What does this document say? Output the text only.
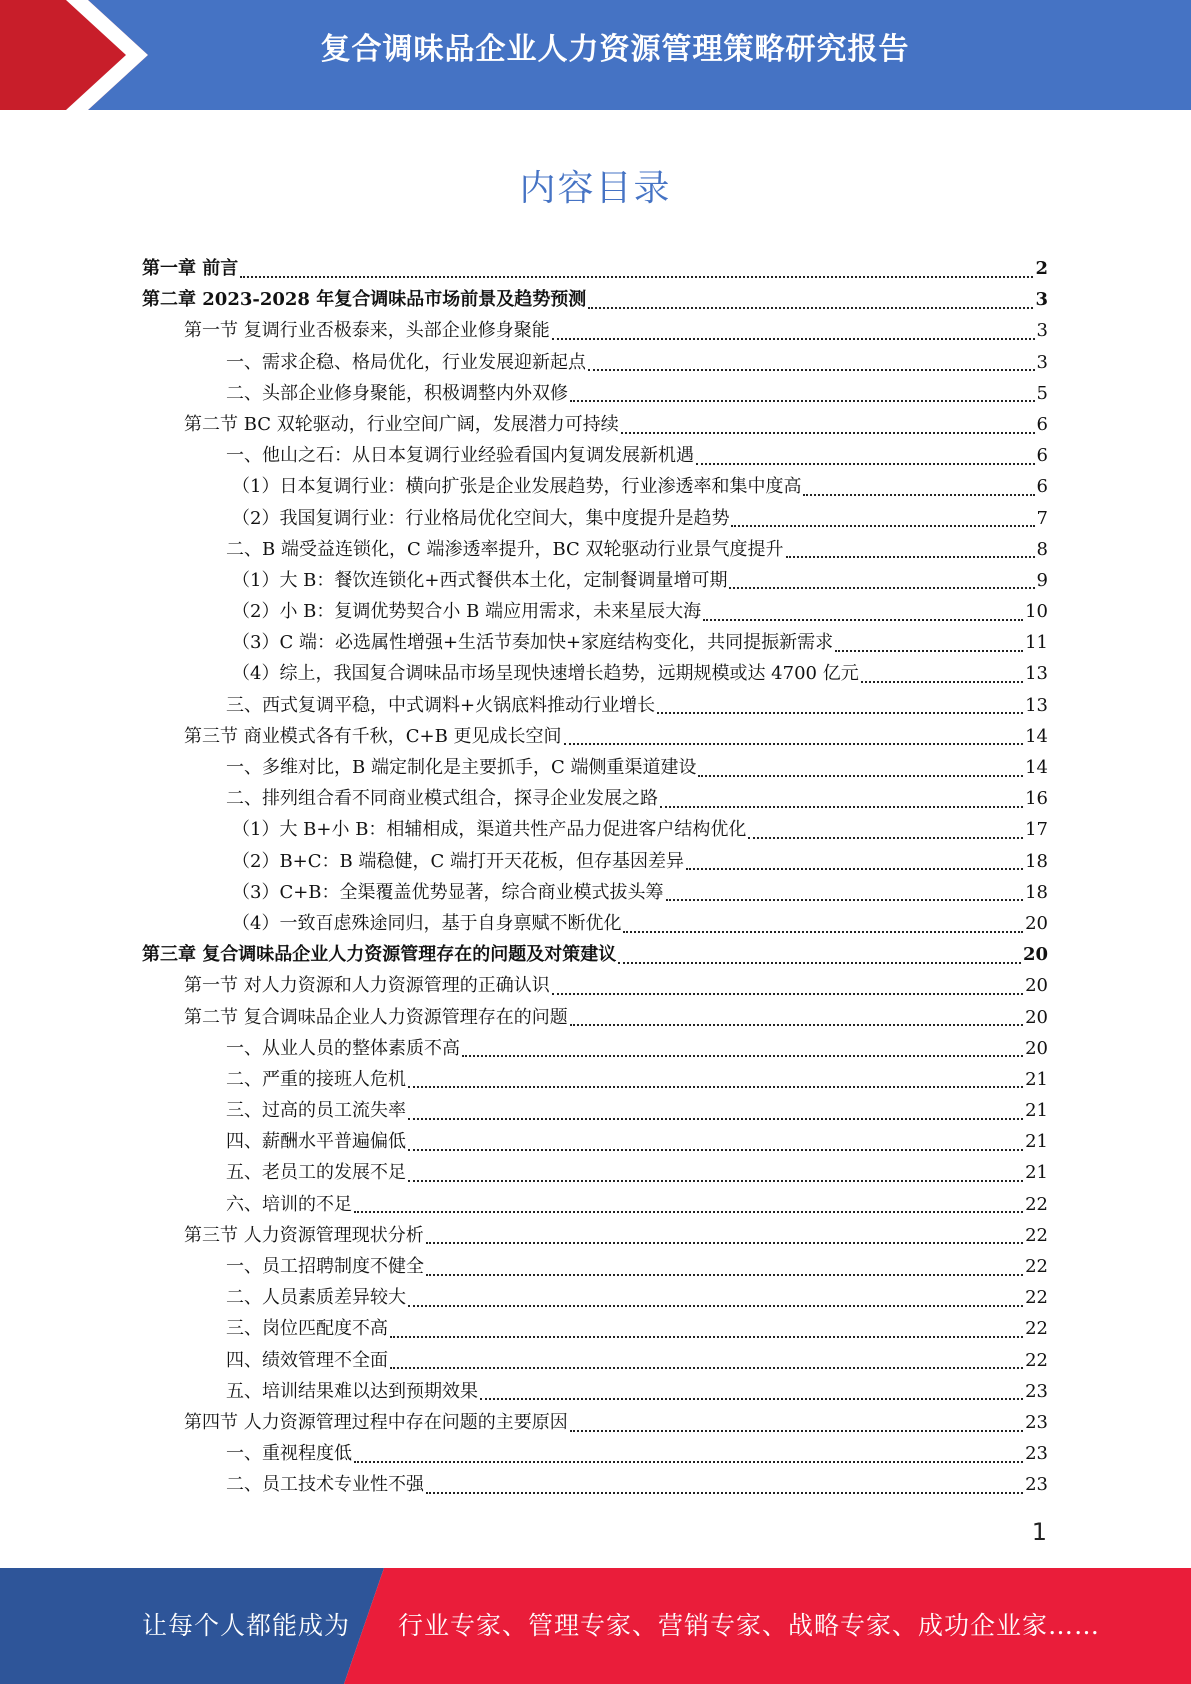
复合调味品企业人力资源管理策略研究报告
内容目录
第一章 前言	2
第二章 2023-2028 年复合调味品市场前景及趋势预测	3
第一节 复调行业否极泰来，头部企业修身聚能	3
一、需求企稳、格局优化，行业发展迎新起点	3
二、头部企业修身聚能，积极调整内外双修	5
第二节 BC 双轮驱动，行业空间广阔，发展潜力可持续	6
一、他山之石：从日本复调行业经验看国内复调发展新机遇	6
（1）日本复调行业：横向扩张是企业发展趋势，行业渗透率和集中度高	6
（2）我国复调行业：行业格局优化空间大，集中度提升是趋势	7
二、B 端受益连锁化，C 端渗透率提升，BC 双轮驱动行业景气度提升	8
（1）大 B：餐饮连锁化+西式餐供本土化，定制餐调量增可期	9
（2）小 B：复调优势契合小 B 端应用需求，未来星辰大海	10
（3）C 端：必选属性增强+生活节奏加快+家庭结构变化，共同提振新需求	11
（4）综上，我国复合调味品市场呈现快速增长趋势，远期规模或达 4700 亿元	13
三、西式复调平稳，中式调料+火锅底料推动行业增长	13
第三节 商业模式各有千秋，C+B 更见成长空间	14
一、多维对比，B 端定制化是主要抓手，C 端侧重渠道建设	14
二、排列组合看不同商业模式组合，探寻企业发展之路	16
（1）大 B+小 B：相辅相成，渠道共性产品力促进客户结构优化	17
（2）B+C：B 端稳健，C 端打开天花板，但存基因差异	18
（3）C+B：全渠覆盖优势显著，综合商业模式拔头筹	18
（4）一致百虑殊途同归，基于自身禀赋不断优化	20
第三章 复合调味品企业人力资源管理存在的问题及对策建议	20
第一节 对人力资源和人力资源管理的正确认识	20
第二节 复合调味品企业人力资源管理存在的问题	20
一、从业人员的整体素质不高	20
二、严重的接班人危机	21
三、过高的员工流失率	21
四、薪酬水平普遍偏低	21
五、老员工的发展不足	21
六、培训的不足	22
第三节 人力资源管理现状分析	22
一、员工招聘制度不健全	22
二、人员素质差异较大	22
三、岗位匹配度不高	22
四、绩效管理不全面	22
五、培训结果难以达到预期效果	23
第四节 人力资源管理过程中存在问题的主要原因	23
一、重视程度低	23
二、员工技术专业性不强	23
1
让每个人都能成为 行业专家、管理专家、营销专家、战略专家、成功企业家……
